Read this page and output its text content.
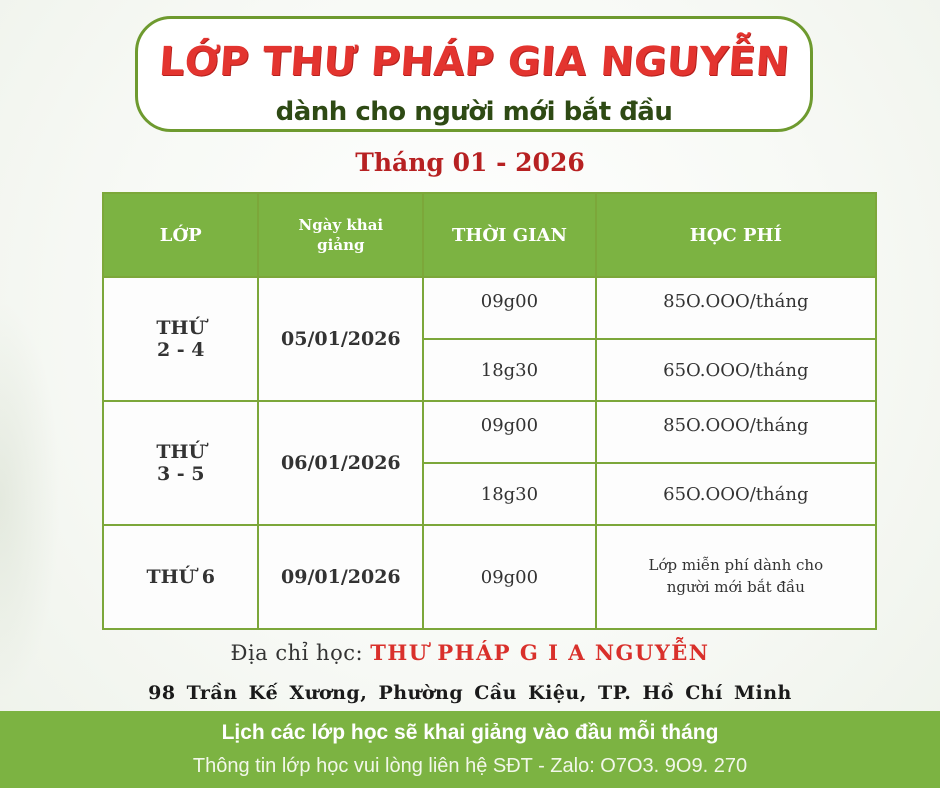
LỚP THƯ PHÁP GIA NGUYỄN
dành cho người mới bắt đầu
Tháng 01 - 2026
LỚP	Ngày khai giảng	THỜI GIAN	HỌC PHÍ

THỨ
2 - 4	05/01/2026	09g00	85O.OOO/tháng
		18g30	65O.OOO/tháng

THỨ
3 - 5	06/01/2026	09g00	85O.OOO/tháng
		18g30	65O.OOO/tháng
THỨ 6	09/01/2026	09g00	Lớp miễn phí dành cho
người mới bắt đầu
Địa chỉ học: THƯ PHÁP G I A NGUYỄN
98 Trần Kế Xương, Phường Cầu Kiệu, TP. Hồ Chí Minh
Lịch các lớp học sẽ khai giảng vào đầu mỗi tháng
Thông tin lớp học vui lòng liên hệ SĐT - Zalo: O7O3. 9O9. 270
